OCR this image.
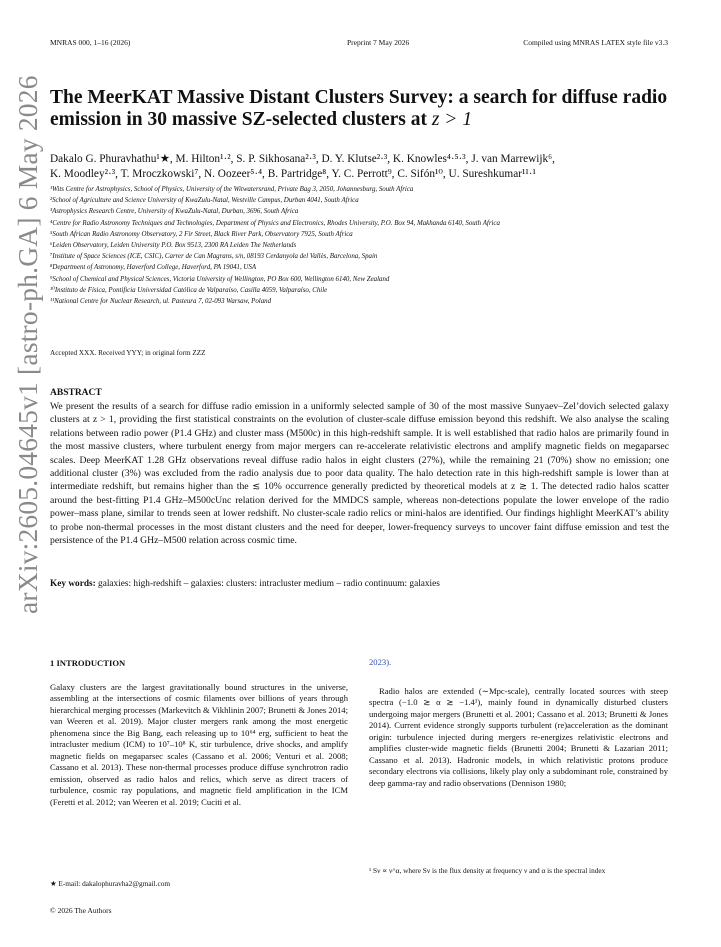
MNRAS 000, 1–16 (2026)	Preprint 7 May 2026	Compiled using MNRAS LATEX style file v3.3
arXiv:2605.04645v1 [astro-ph.GA] 6 May 2026 The MeerKAT Massive Distant Clusters Survey: a search for diffuse radio
emission in 30 massive SZ-selected clusters at z > 1
Dakalo G. Phuravhathu¹★, M. Hilton¹·², S. P. Sikhosana²·³, D. Y. Klutse²·³, K. Knowles⁴·⁵·³, J. van Marrewijk⁶,
K. Moodley²·³, T. Mroczkowski⁷, N. Oozeer⁵·⁴, B. Partridge⁸, Y. C. Perrott⁹, C. Sifón¹⁰, U. Sureshkumar¹¹·¹
¹Wits Centre for Astrophysics, School of Physics, University of the Witwatersrand, Private Bag 3, 2050, Johannesburg, South Africa
²School of Agriculture and Science University of KwaZulu-Natal, Westville Campus, Durban 4041, South Africa
³Astrophysics Research Centre, University of KwaZulu-Natal, Durban, 3696, South Africa
⁴Centre for Radio Astronomy Techniques and Technologies, Department of Physics and Electronics, Rhodes University, P.O. Box 94, Makhanda 6140, South Africa
⁵South African Radio Astronomy Observatory, 2 Fir Street, Black River Park, Observatory 7925, South Africa
⁶Leiden Observatory, Leiden University P.O. Box 9513, 2300 RA Leiden The Netherlands
⁷Institute of Space Sciences (ICE, CSIC), Carrer de Can Magrans, s/n, 08193 Cerdanyola del Vallès, Barcelona, Spain
⁸Department of Astronomy, Haverford College, Haverford, PA 19041, USA
⁹School of Chemical and Physical Sciences, Victoria University of Wellington, PO Box 600, Wellington 6140, New Zealand
¹⁰Instituto de Física, Pontificia Universidad Católica de Valparaíso, Casilla 4059, Valparaíso, Chile
¹¹National Centre for Nuclear Research, ul. Pasteura 7, 02-093 Warsaw, Poland
Accepted XXX. Received YYY; in original form ZZZ
ABSTRACT
We present the results of a search for diffuse radio emission in a uniformly selected sample of 30 of the most massive Sunyaev–Zel’dovich selected galaxy clusters at z > 1, providing the first statistical constraints on the evolution of cluster-scale diffuse emission beyond this redshift. We also analyse the scaling relations between radio power (P1.4 GHz) and cluster mass (M500c) in this high-redshift sample. It is well established that radio halos are primarily found in the most massive clusters, where turbulent energy from major mergers can re-accelerate relativistic electrons and amplify magnetic fields on megaparsec scales. Deep MeerKAT 1.28 GHz observations reveal diffuse radio halos in eight clusters (27%), while the remaining 21 (70%) show no emission; one additional cluster (3%) was excluded from the radio analysis due to poor data quality. The halo detection rate in this high-redshift sample is lower than at intermediate redshift, but remains higher than the ≲ 10% occurrence generally predicted by theoretical models at z ≳ 1. The detected radio halos scatter around the best-fitting P1.4 GHz–M500cUnc relation derived for the MMDCS sample, whereas non-detections populate the lower envelope of the radio power–mass plane, similar to trends seen at lower redshift. No cluster-scale radio relics or mini-halos are identified. Our findings highlight MeerKAT’s ability to probe non-thermal processes in the most distant clusters and the need for deeper, lower-frequency surveys to uncover faint diffuse emission and test the persistence of the P1.4 GHz–M500 relation across cosmic time.
Key words: galaxies: high-redshift – galaxies: clusters: intracluster medium – radio continuum: galaxies
1 INTRODUCTION

Galaxy clusters are the largest gravitationally bound structures in the universe, assembling at the intersections of cosmic filaments over billions of years through hierarchical merging processes (Markevitch & Vikhlinin 2007; Brunetti & Jones 2014; van Weeren et al. 2019). Major cluster mergers rank among the most energetic phenomena since the Big Bang, each releasing up to 10⁶⁴ erg, sufficient to heat the intracluster medium (ICM) to 10⁷–10⁸ K, stir turbulence, drive shocks, and amplify magnetic fields on megaparsec scales (Cassano et al. 2006; Venturi et al. 2008; Cassano et al. 2013). These non-thermal processes produce diffuse synchrotron radio emission, observed as radio halos and relics, which serve as direct tracers of turbulence, cosmic ray populations, and magnetic field amplification in the ICM (Feretti et al. 2012; van Weeren et al. 2019; Cuciti et al.

2023).

Radio halos are extended (∼Mpc-scale), centrally located sources with steep spectra (−1.0 ≳ α ≳ −1.4¹), mainly found in dynamically disturbed clusters undergoing major mergers (Brunetti et al. 2001; Cassano et al. 2013; Brunetti & Jones 2014). Current evidence strongly supports turbulent (re)acceleration as the dominant origin: turbulence injected during mergers re-energizes relativistic electrons and amplifies cluster-wide magnetic fields (Brunetti 2004; Brunetti & Lazarian 2011; Cassano et al. 2013). Hadronic models, in which relativistic protons produce secondary electrons via collisions, likely play only a subdominant role, constrained by deep gamma-ray and radio observations (Dennison 1980;

¹ Sν ∝ ν^α, where Sν is the flux density at frequency ν and α is the spectral index
★ E-mail: dakalophuravha2@gmail.com
© 2026 The Authors
